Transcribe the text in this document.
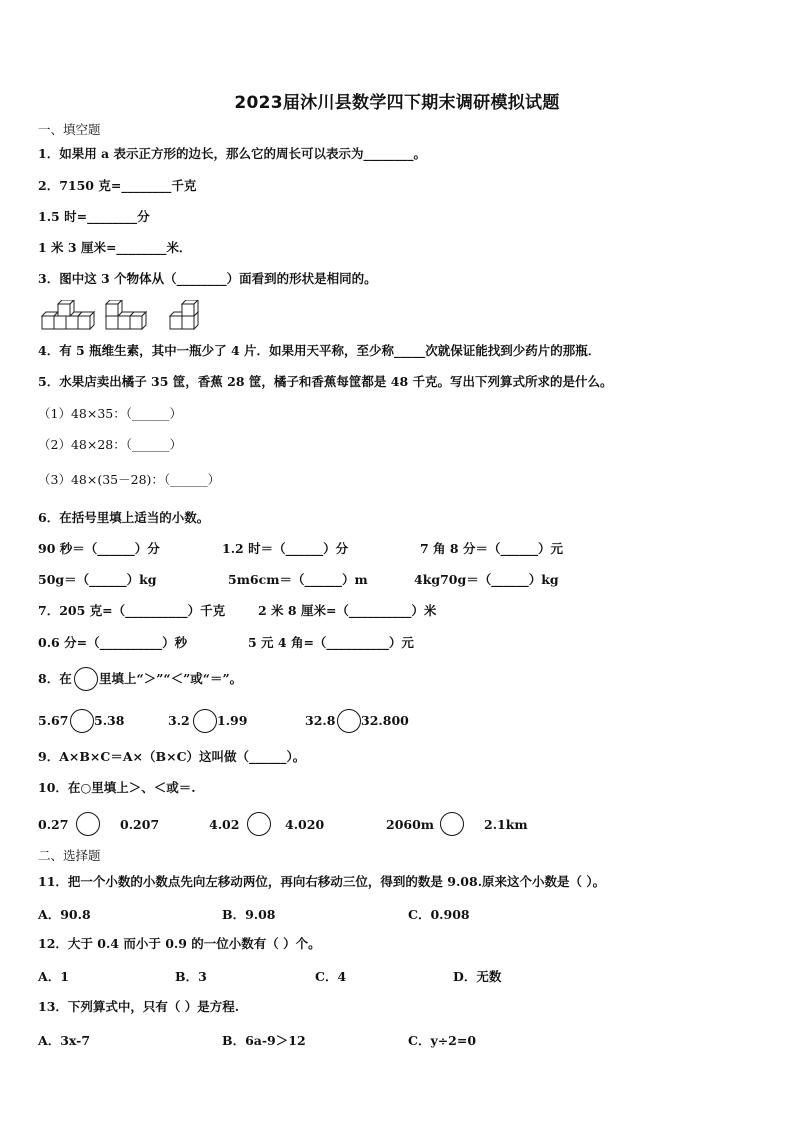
2023届沐川县数学四下期末调研模拟试题
一、填空题
1．如果用 a 表示正方形的边长，那么它的周长可以表示为________。
2．7150 克=________千克
1.5 时=________分
1 米 3 厘米=________米．
3．图中这 3 个物体从（________）面看到的形状是相同的。
4．有 5 瓶维生素，其中一瓶少了 4 片．如果用天平称，至少称_____次就保证能找到少药片的那瓶．
5．水果店卖出橘子 35 筐，香蕉 28 筐，橘子和香蕉每筐都是 48 千克。写出下列算式所求的是什么。
（1）48×35：（______）
（2）48×28：（______）
（3）48×(35－28)：（______）
6．在括号里填上适当的小数。
90 秒＝（______）分	1.2 时＝（______）分	7 角 8 分＝（______）元
50g＝（______）kg	5m6cm＝（______）m	4kg70g＝（______）kg
7．205 克=（__________）千克	2 米 8 厘米=（__________）米
0.6 分=（__________）秒	5 元 4 角=（__________）元
8．在 里填上“＞”“＜”或“＝”。
5.67 5.38	3.2 1.99	32.8 32.800
9．A×B×C＝A×（B×C）这叫做（______）。
10．在○里填上＞、＜或＝.
0.27	0.207	4.02	4.020	2060m	2.1km
二、选择题
11．把一个小数的小数点先向左移动两位，再向右移动三位，得到的数是 9.08.原来这个小数是（ ）。
A．90.8	B．9.08	C．0.908
12．大于 0.4 而小于 0.9 的一位小数有（ ）个。
A．1	B．3	C．4	D．无数
13．下列算式中，只有（ ）是方程.
A．3x-7	B．6a-9＞12	C．y÷2=0
